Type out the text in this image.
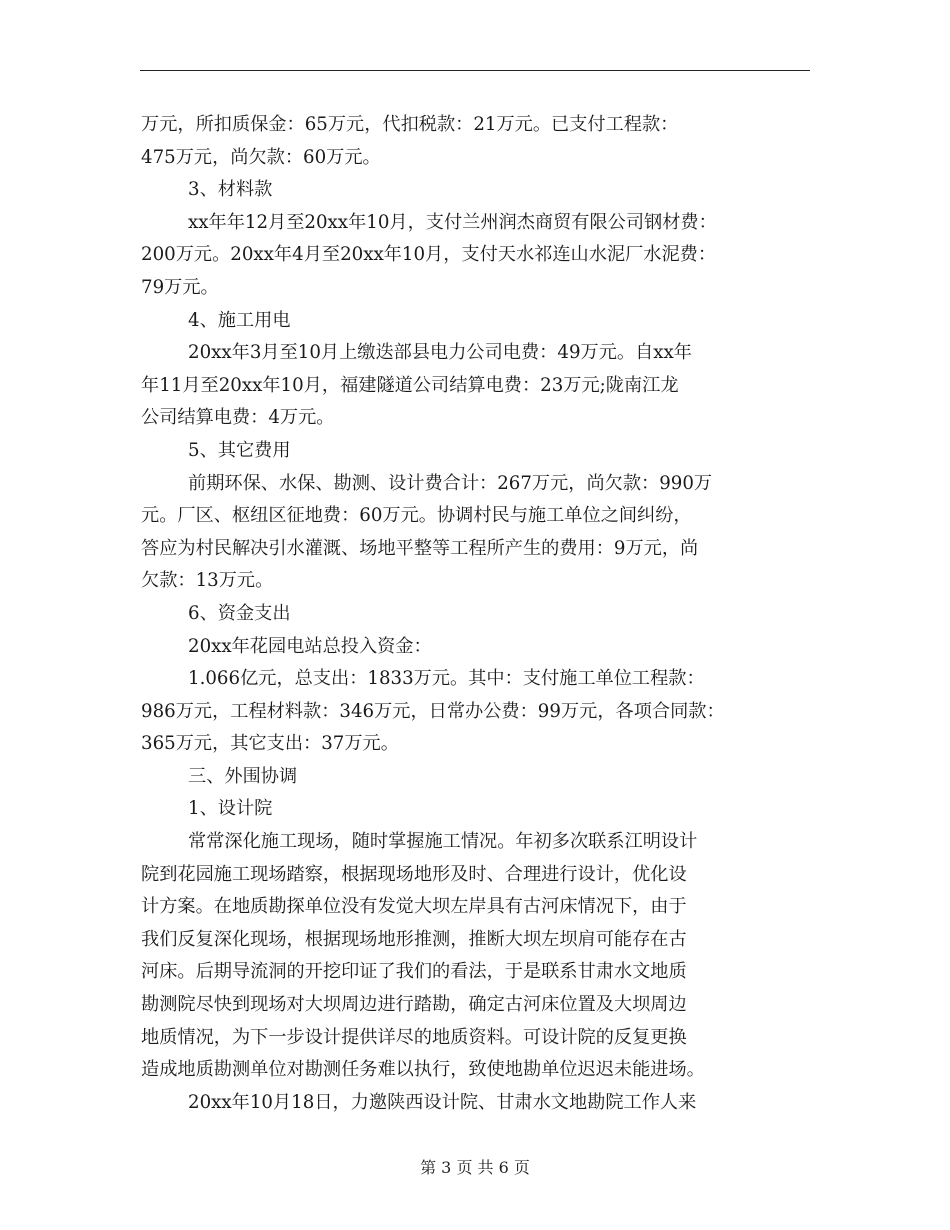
万元，所扣质保金：65万元，代扣税款：21万元。已支付工程款：
475万元，尚欠款：60万元。
3、材料款
xx年年12月至20xx年10月，支付兰州润杰商贸有限公司钢材费：
200万元。20xx年4月至20xx年10月，支付天水祁连山水泥厂水泥费：
79万元。
4、施工用电
20xx年3月至10月上缴迭部县电力公司电费：49万元。自xx年
年11月至20xx年10月，福建隧道公司结算电费：23万元;陇南江龙
公司结算电费：4万元。
5、其它费用
前期环保、水保、勘测、设计费合计：267万元，尚欠款：990万
元。厂区、枢纽区征地费：60万元。协调村民与施工单位之间纠纷，
答应为村民解决引水灌溉、场地平整等工程所产生的费用：9万元，尚
欠款：13万元。
6、资金支出
20xx年花园电站总投入资金：
1.066亿元，总支出：1833万元。其中：支付施工单位工程款：
986万元，工程材料款：346万元，日常办公费：99万元，各项合同款：
365万元，其它支出：37万元。
三、外围协调
1、设计院
常常深化施工现场，随时掌握施工情况。年初多次联系江明设计
院到花园施工现场踏察，根据现场地形及时、合理进行设计，优化设
计方案。在地质勘探单位没有发觉大坝左岸具有古河床情况下，由于
我们反复深化现场，根据现场地形推测，推断大坝左坝肩可能存在古
河床。后期导流洞的开挖印证了我们的看法，于是联系甘肃水文地质
勘测院尽快到现场对大坝周边进行踏勘，确定古河床位置及大坝周边
地质情况，为下一步设计提供详尽的地质资料。可设计院的反复更换
造成地质勘测单位对勘测任务难以执行，致使地勘单位迟迟未能进场。
20xx年10月18日，力邀陕西设计院、甘肃水文地勘院工作人来
第 3 页 共 6 页
